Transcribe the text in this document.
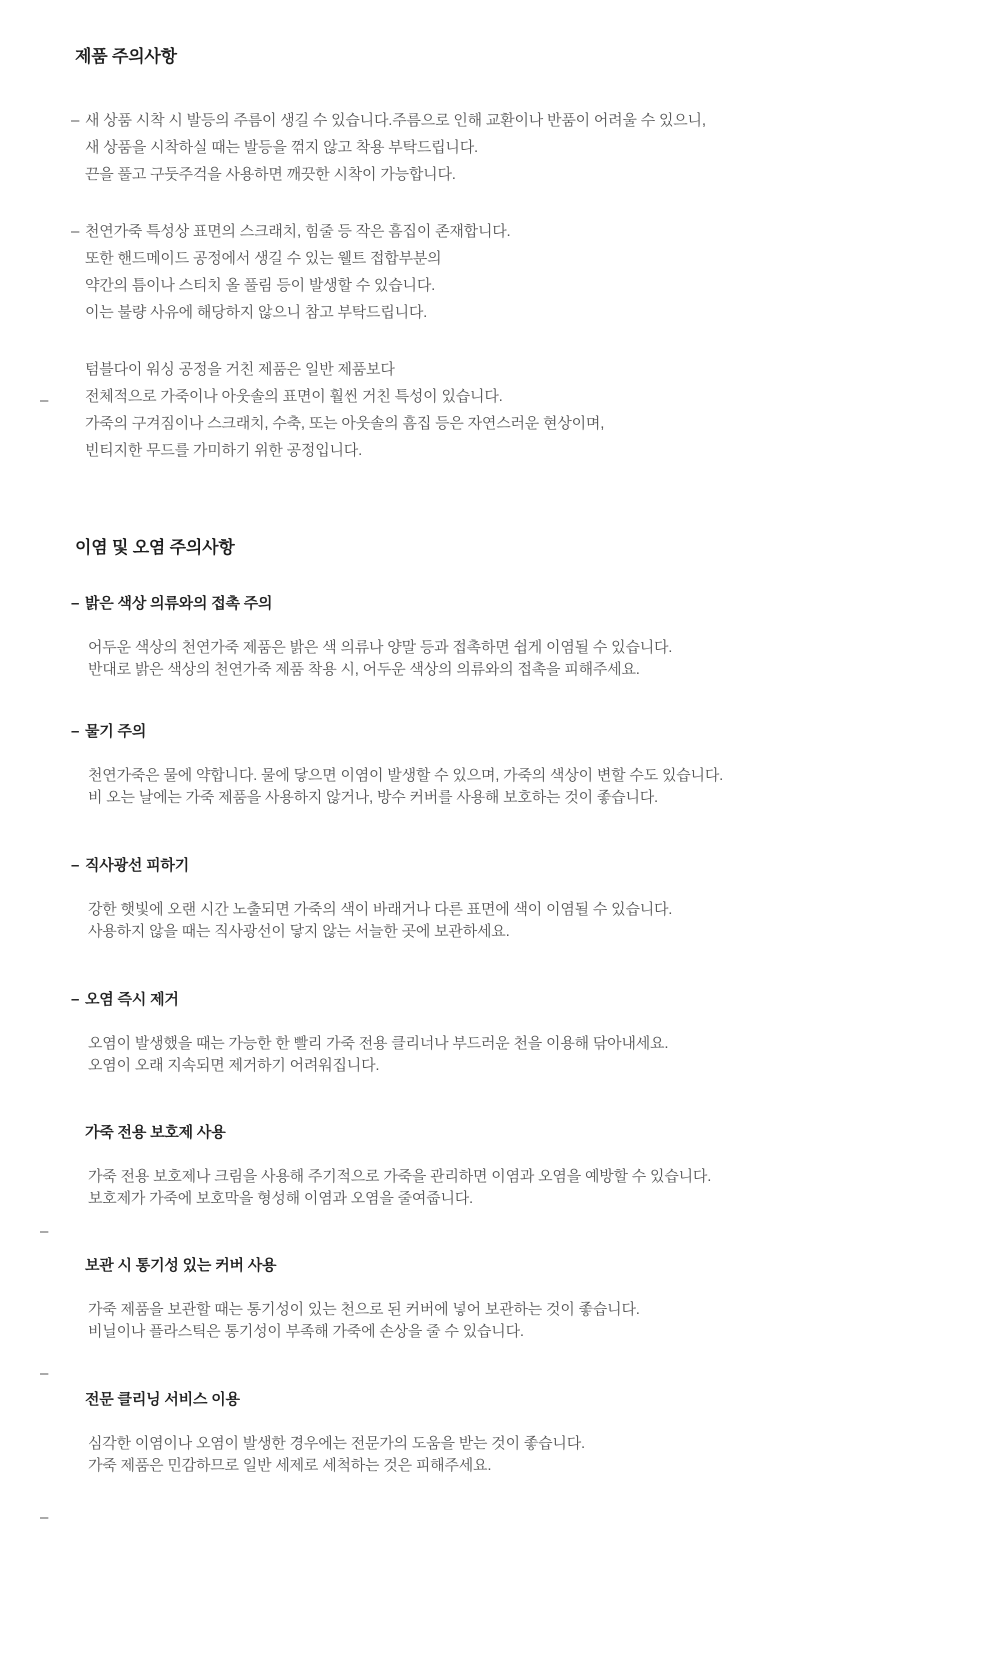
제품 주의사항
– 새 상품 시착 시 발등의 주름이 생길 수 있습니다.주름으로 인해 교환이나 반품이 어려울 수 있으니,

새 상품을 시착하실 때는 발등을 꺾지 않고 착용 부탁드립니다.

끈을 풀고 구둣주걱을 사용하면 깨끗한 시착이 가능합니다.

– 천연가죽 특성상 표면의 스크래치, 힘줄 등 작은 흠집이 존재합니다.

또한 핸드메이드 공정에서 생길 수 있는 웰트 접합부분의

약간의 틈이나 스티치 올 풀림 등이 발생할 수 있습니다.

이는 불량 사유에 해당하지 않으니 참고 부탁드립니다.

텀블다이 워싱 공정을 거친 제품은 일반 제품보다

전체적으로 가죽이나 아웃솔의 표면이 훨씬 거친 특성이 있습니다.

가죽의 구겨짐이나 스크래치, 수축, 또는 아웃솔의 흠집 등은 자연스러운 현상이며,

빈티지한 무드를 가미하기 위한 공정입니다.

이염 및 오염 주의사항
– 밝은 색상 의류와의 접촉 주의

어두운 색상의 천연가죽 제품은 밝은 색 의류나 양말 등과 접촉하면 쉽게 이염될 수 있습니다.

반대로 밝은 색상의 천연가죽 제품 착용 시, 어두운 색상의 의류와의 접촉을 피해주세요.

– 물기 주의

천연가죽은 물에 약합니다. 물에 닿으면 이염이 발생할 수 있으며, 가죽의 색상이 변할 수도 있습니다.

비 오는 날에는 가죽 제품을 사용하지 않거나, 방수 커버를 사용해 보호하는 것이 좋습니다.

– 직사광선 피하기

강한 햇빛에 오랜 시간 노출되면 가죽의 색이 바래거나 다른 표면에 색이 이염될 수 있습니다.

사용하지 않을 때는 직사광선이 닿지 않는 서늘한 곳에 보관하세요.

– 오염 즉시 제거

오염이 발생했을 때는 가능한 한 빨리 가죽 전용 클리너나 부드러운 천을 이용해 닦아내세요.

오염이 오래 지속되면 제거하기 어려워집니다.

가죽 전용 보호제 사용

가죽 전용 보호제나 크림을 사용해 주기적으로 가죽을 관리하면 이염과 오염을 예방할 수 있습니다.

보호제가 가죽에 보호막을 형성해 이염과 오염을 줄여줍니다.

보관 시 통기성 있는 커버 사용

가죽 제품을 보관할 때는 통기성이 있는 천으로 된 커버에 넣어 보관하는 것이 좋습니다.

비닐이나 플라스틱은 통기성이 부족해 가죽에 손상을 줄 수 있습니다.

전문 클리닝 서비스 이용

심각한 이염이나 오염이 발생한 경우에는 전문가의 도움을 받는 것이 좋습니다.

가죽 제품은 민감하므로 일반 세제로 세척하는 것은 피해주세요.

–
–
–
–
